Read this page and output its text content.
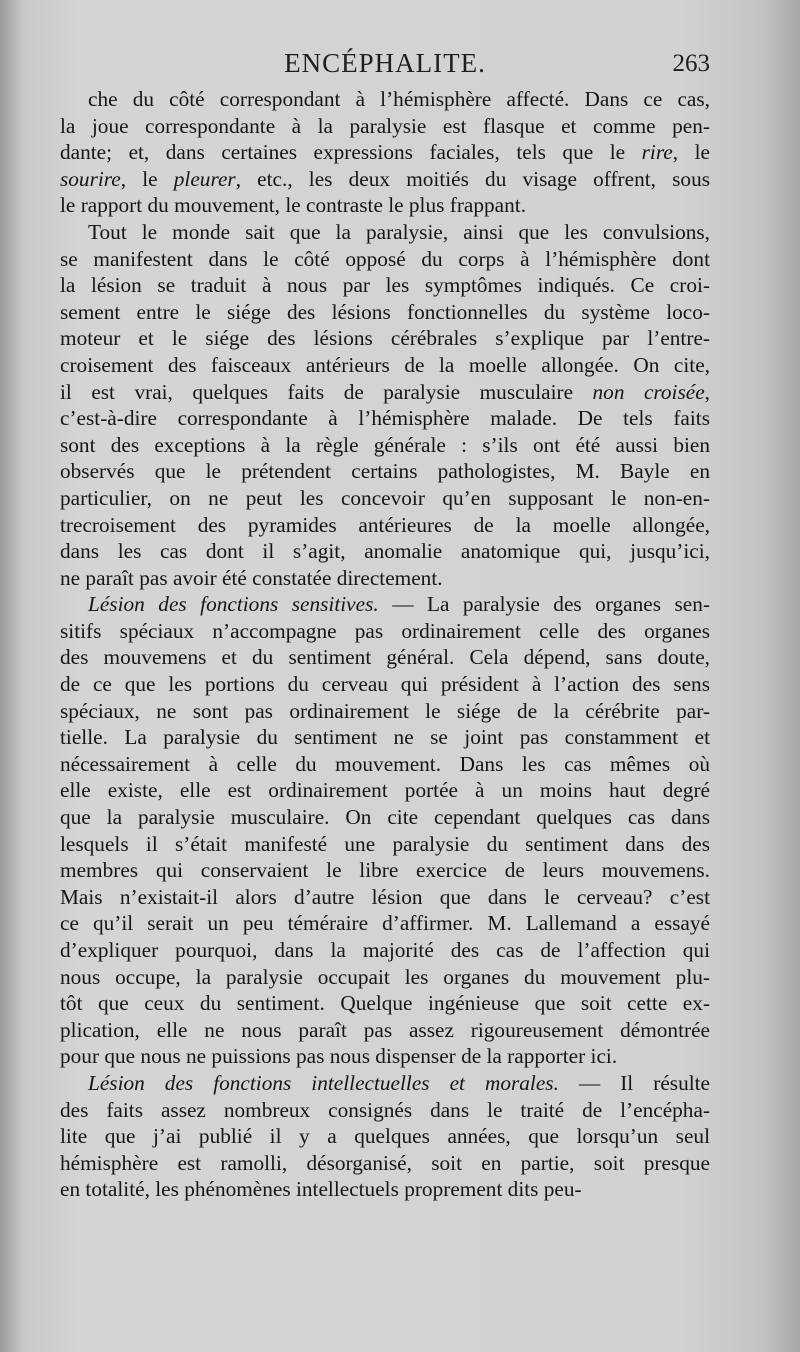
ENCÉPHALITE.	263
che du côté correspondant à l’hémisphère affecté. Dans ce cas,
la joue correspondante à la paralysie est flasque et comme pen-
dante; et, dans certaines expressions faciales, tels que le rire, le
sourire, le pleurer, etc., les deux moitiés du visage offrent, sous
le rapport du mouvement, le contraste le plus frappant.
Tout le monde sait que la paralysie, ainsi que les convulsions,
se manifestent dans le côté opposé du corps à l’hémisphère dont
la lésion se traduit à nous par les symptômes indiqués. Ce croi-
sement entre le siége des lésions fonctionnelles du système loco-
moteur et le siége des lésions cérébrales s’explique par l’entre-
croisement des faisceaux antérieurs de la moelle allongée. On cite,
il est vrai, quelques faits de paralysie musculaire non croisée,
c’est-à-dire correspondante à l’hémisphère malade. De tels faits
sont des exceptions à la règle générale : s’ils ont été aussi bien
observés que le prétendent certains pathologistes, M. Bayle en
particulier, on ne peut les concevoir qu’en supposant le non-en-
trecroisement des pyramides antérieures de la moelle allongée,
dans les cas dont il s’agit, anomalie anatomique qui, jusqu’ici,
ne paraît pas avoir été constatée directement.
Lésion des fonctions sensitives. — La paralysie des organes sen-
sitifs spéciaux n’accompagne pas ordinairement celle des organes
des mouvemens et du sentiment général. Cela dépend, sans doute,
de ce que les portions du cerveau qui président à l’action des sens
spéciaux, ne sont pas ordinairement le siége de la cérébrite par-
tielle. La paralysie du sentiment ne se joint pas constamment et
nécessairement à celle du mouvement. Dans les cas mêmes où
elle existe, elle est ordinairement portée à un moins haut degré
que la paralysie musculaire. On cite cependant quelques cas dans
lesquels il s’était manifesté une paralysie du sentiment dans des
membres qui conservaient le libre exercice de leurs mouvemens.
Mais n’existait-il alors d’autre lésion que dans le cerveau? c’est
ce qu’il serait un peu téméraire d’affirmer. M. Lallemand a essayé
d’expliquer pourquoi, dans la majorité des cas de l’affection qui
nous occupe, la paralysie occupait les organes du mouvement plu-
tôt que ceux du sentiment. Quelque ingénieuse que soit cette ex-
plication, elle ne nous paraît pas assez rigoureusement démontrée
pour que nous ne puissions pas nous dispenser de la rapporter ici.
Lésion des fonctions intellectuelles et morales. — Il résulte
des faits assez nombreux consignés dans le traité de l’encépha-
lite que j’ai publié il y a quelques années, que lorsqu’un seul
hémisphère est ramolli, désorganisé, soit en partie, soit presque
en totalité, les phénomènes intellectuels proprement dits peu-
